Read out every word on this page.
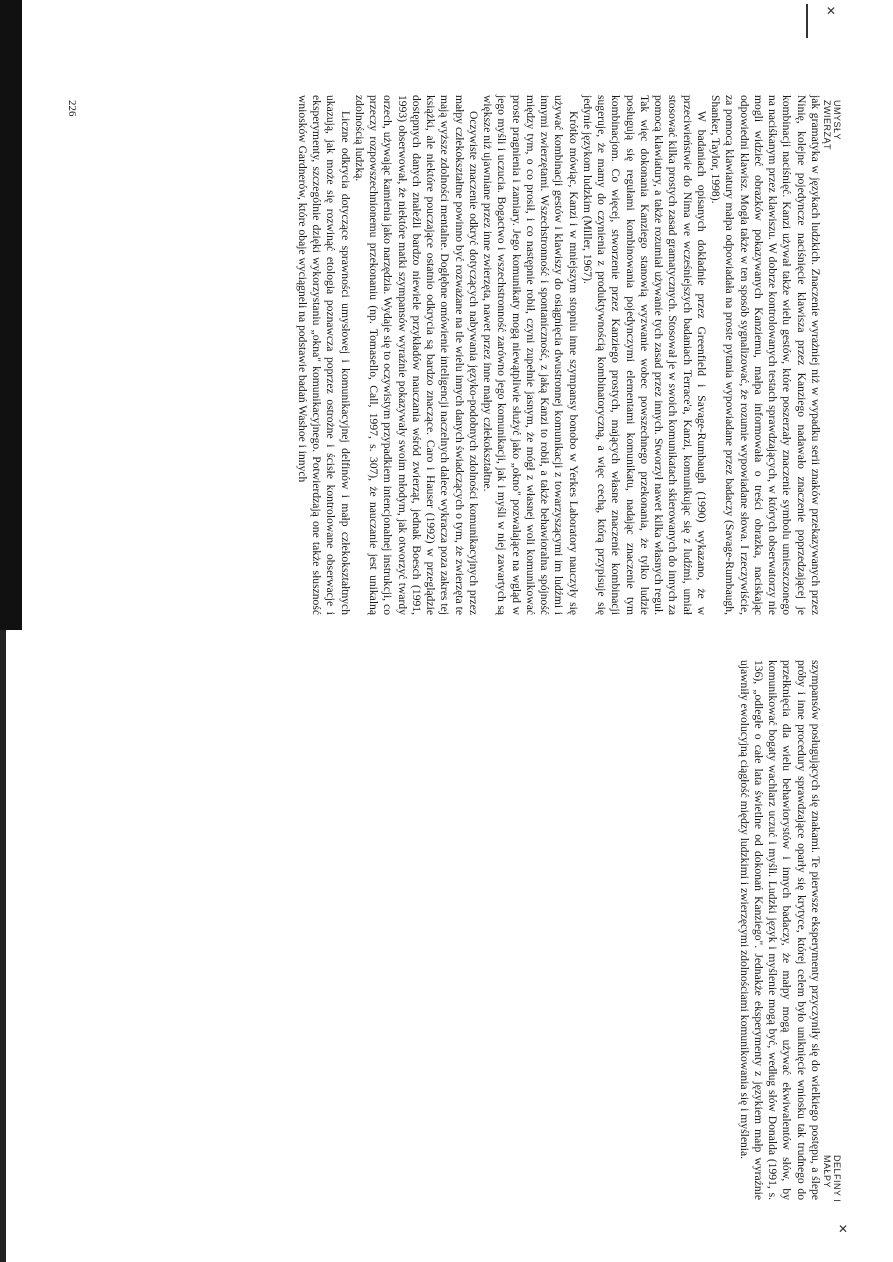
✕
✕
UMYSŁY ZWIERZĄT
DELFINY I MAŁPY
226	jak gramatyka w językach ludzkich. Znaczenie wyrażniej niż w wypadku serii znaków przekazywanych przez Ninię, kolejne pojedyncze naciśnięcie klawisza przez Kanziego nadawało znaczenie poprzedzającej je kombinacji naciśnięć. Kanzi używał także wielu gestów, które poszerzały znaczenie symbolu umieszczonego na naciśkanym przez klawiszu. W dobrze kontrolowanych testach sprawdzających, w których obserwatorzy nie mogli widzieć obrazków pokazywanych Kanziemu, małpa informowała o treści obrazka, naciskając odpowiedni klawisz. Mogła także w ten sposób sygnalizować, że rozumie wypowiadane słowa. I rzeczywiście, za pomocą klawiatury małpa odpowiadała na proste pytania wypowiadane przez badaczy (Savage-Rumbaugh, Shanker, Taylor, 1998).

W badaniach opisanych dokładnie przez Greenfield i Savage-Rumbaugh (1990) wykazano, że w przeciwieństwie do Nima we wcześniejszych badaniach Terrace'a, Kanzi, komunikując się z ludźmi, umiał stosować kilka prostych zasad gramatycznych. Stosował je w swoich komunikatach skierowanych do innych za pomocą klawiatury, a także rozumiał używanie tych zasad przez innych. Stworzył nawet kilka własnych reguł. Tak więc dokonania Kanziego stanowią wyzwanie wobec powszechnego przekonania, że tylko ludzie posługują się regułami kombinowania pojedynczymi elementami komunikatu, nadając znaczenie tym kombinacjom. Co więcej, stworzenie przez Kanziego prostych, mających własne znaczenie kombinacji sugeruje, że mamy do czynienia z produktywnością kombinatoryczną, a więc cechą, którą przypisuje się jedynie językom ludzkim (Miller, 1967).

Krótko mówiąc, Kanzi i w mniejszym stopniu inne szympansy bonobo w Yerkes Laboratory nauczyły się używać kombinacji gestów i klawiszy do osiągnięcia dwustronnej komunikacji z towarzyszącymi im ludźmi i innymi zwierzętami. Wszechstronność i spontaniczność, z jaką Kanzi to robił, a także behawioralna spójność między tym, o co prosił, i co następnie robił, czyni zupełnie jasnym, że mógł z własnej woli komunikować proste pragnienia i zamiary. Jego komunikaty mogą niewątpliwie służyć jako „okno" pozwalające na wgląd w jego myśli i uczucia. Bogactwo i wszechstronność zarówno jego komunikacji, jak i myśli w niej zawartych są większe niż ujawniane przez inne zwierzęta, nawet przez inne małpy człekokształtne.

Oczywiste znaczenie odkryć dotyczących nabywania języko-podobnych zdolności komunikacyjnych przez małpy człekokształtne powinno być rozważane na tle wielu innych danych świadczących o tym, że zwierzęta te mają wyższe zdolności mentalne. Dogłębne omówienie inteligencji naczelnych dalece wykracza poza zakres tej książki, ale niektóre pouczające ostatnio odkrycia są bardzo znaczące. Caro i Hauser (1992) w przeglądzie dostępnych danych znaleźli bardzo niewiele przykładów nauczania wśród zwierząt, jednak Boesch (1991, 1993) obserwował, że niektóre matki szympansów wyraźnie pokazywały swoim młodym, jak otworzyć twardy orzech, używając kamienia jako narzędzia. Wydaje się to oczywistym przypadkiem intencjonalnej instrukcji, co przeczy rozpowszechnionemu przekonaniu (np. Tomasello, Call, 1997, s. 307), że nauczanie jest unikalną zdolnością ludzką.

Liczne odkrycia dotyczące sprawności umysłowej i komunikacyjnej delfinów i małp człekokształtnych ukazują, jak może się rozwinąć etologia poznawcza poprzez ostrożne i ścisłe kontrolowane obserwacje i eksperymenty, szczególnie dzięki wykorzystaniu „okna" komunikacyjnego. Potwierdzają one także słuszność wniosków Gardnerów, które obaje wyciągneli na podstawie badań Washoe i innych

szympansów posługujących się znakami. Te pierwsze eksperymenty przyczyniły się do wielkiego postępu, a ślepe próby i inne procedury sprawdzające oparły się krytyce, której celem było uniknięcie wniosku tak trudnego do przełknięcia dla wielu behawiorystów i innych badaczy, że małpy mogą używać ekwiwalentów słów, by komunikować bogaty wachlarz uczuć i myśli. Ludzki język i myślenie mogą być, według słów Donalda (1991, s. 136), „odległe o całe lata świetlne od dokonań Kanziego". Jednakże eksperymenty z językiem małp wyraźnie ujawniły ewolucyjną ciągłość między ludzkimi i zwierzęcymi zdolnościami komunikowania się i myślenia.
